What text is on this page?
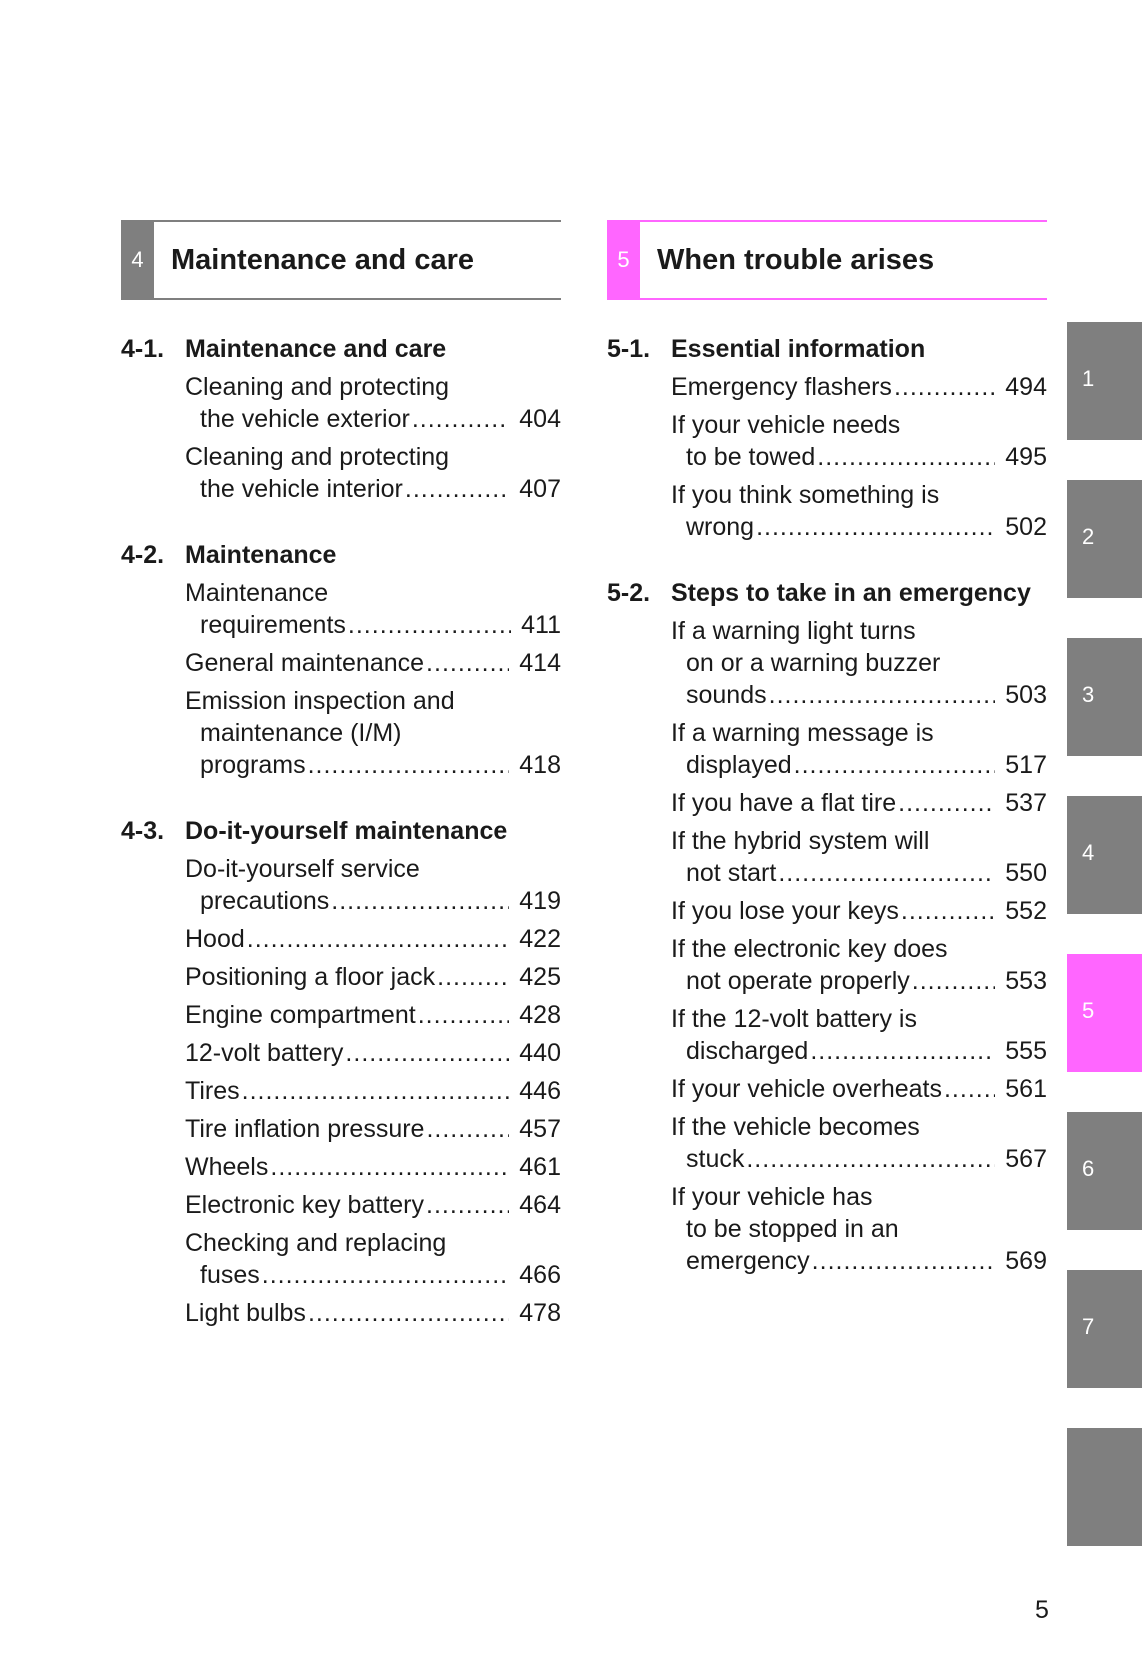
4 Maintenance and care	5 When trouble arises
4-1. Maintenance and care
Cleaning and protecting
the vehicle exterior .....	404
Cleaning and protecting
the vehicle interior .....	407
4-2. Maintenance
Maintenance
requirements .....	411
General maintenance .....	414
Emission inspection and
maintenance (I/M)
programs .....	418
4-3. Do-it-yourself maintenance
Do-it-yourself service
precautions .....	419
Hood .....	422
Positioning a floor jack .....	425
Engine compartment .....	428
12-volt battery .....	440
Tires .....	446
Tire inflation pressure .....	457
Wheels .....	461
Electronic key battery .....	464
Checking and replacing
fuses .....	466
Light bulbs .....	478
5-1. Essential information
Emergency flashers .....	494
If your vehicle needs
to be towed .....	495
If you think something is
wrong .....	502
5-2. Steps to take in an emergency
If a warning light turns
on or a warning buzzer
sounds .....	503
If a warning message is
displayed .....	517
If you have a flat tire .....	537
If the hybrid system will
not start .....	550
If you lose your keys .....	552
If the electronic key does
not operate properly .....	553
If the 12-volt battery is
discharged .....	555
If your vehicle overheats .....	561
If the vehicle becomes
stuck .....	567
If your vehicle has
to be stopped in an
emergency .....	569
1
2
3
4
5
6
7
5
